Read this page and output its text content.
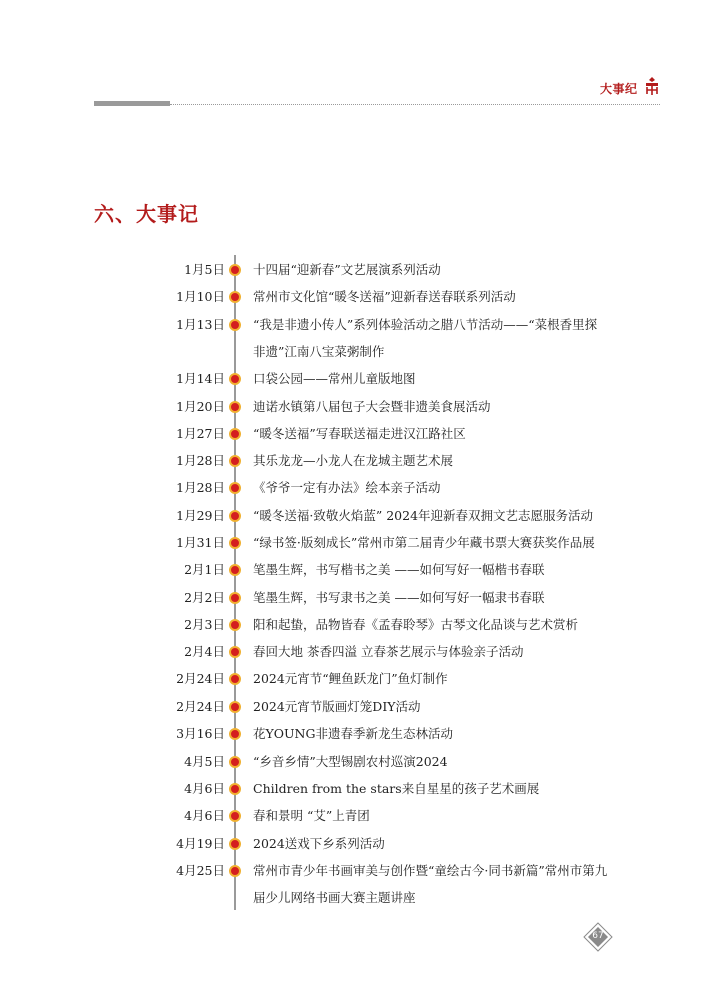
大事纪
六、大事记
1月5日 十四届“迎新春”文艺展演系列活动
1月10日 常州市文化馆“暖冬送福”迎新春送春联系列活动
1月13日 “我是非遗小传人”系列体验活动之腊八节活动——“菜根香里探非遗”江南八宝菜粥制作
1月14日 口袋公园——常州儿童版地图
1月20日 迪诺水镇第八届包子大会暨非遗美食展活动
1月27日 “暖冬送福”写春联送福走进汉江路社区
1月28日 其乐龙龙—小龙人在龙城主题艺术展
1月28日 《爷爷一定有办法》绘本亲子活动
1月29日 “暖冬送福·致敬火焰蓝” 2024年迎新春双拥文艺志愿服务活动
1月31日 “绿书签·版刻成长”常州市第二届青少年藏书票大赛获奖作品展
2月1日 笔墨生辉，书写楷书之美 ——如何写好一幅楷书春联
2月2日 笔墨生辉，书写隶书之美 ——如何写好一幅隶书春联
2月3日 阳和起蛰，品物皆春《孟春聆琴》古琴文化品谈与艺术赏析
2月4日 春回大地 茶香四溢 立春茶艺展示与体验亲子活动
2月24日 2024元宵节“鲤鱼跃龙门”鱼灯制作
2月24日 2024元宵节版画灯笼DIY活动
3月16日 花YOUNG非遗春季新龙生态林活动
4月5日 “乡音乡情”大型锡剧农村巡演2024
4月6日 Children from the stars来自星星的孩子艺术画展
4月6日 春和景明 “艾”上青团
4月19日 2024送戏下乡系列活动
4月25日 常州市青少年书画审美与创作暨“童绘古今·同书新篇”常州市第九届少儿网络书画大赛主题讲座
67
